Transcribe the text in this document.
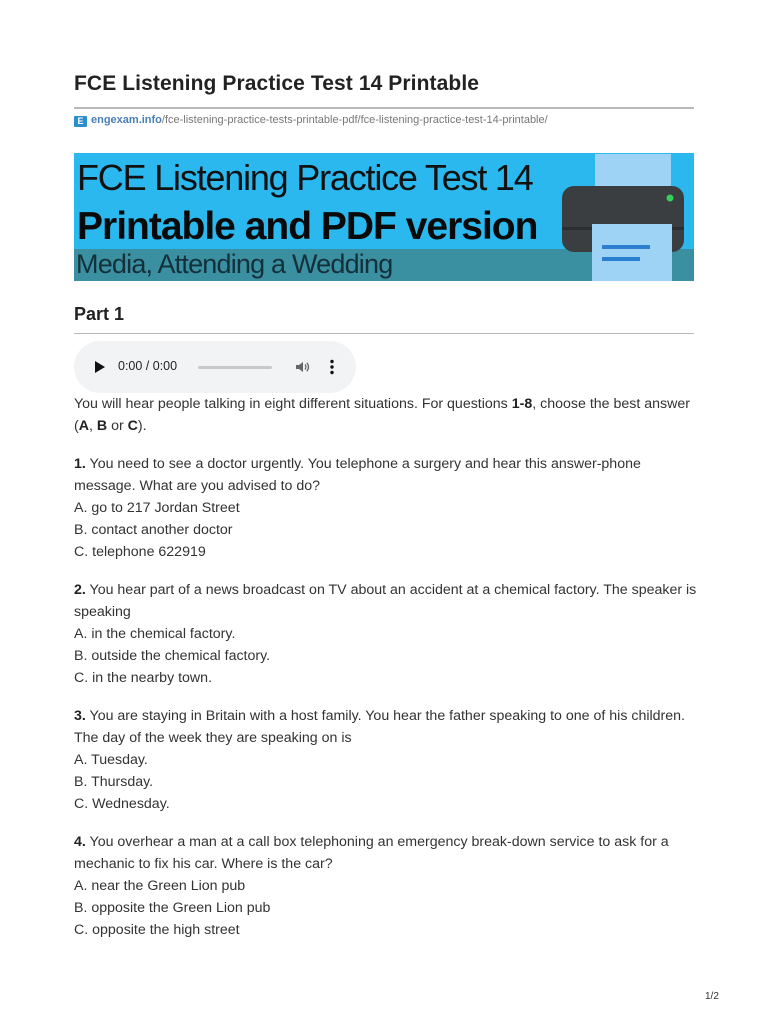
FCE Listening Practice Test 14 Printable
E engexam.info/fce-listening-practice-tests-printable-pdf/fce-listening-practice-test-14-printable/
FCE Listening Practice Test 14
Printable and PDF version
Media, Attending a Wedding
Part 1
0:00 / 0:00

You will hear people talking in eight different situations. For questions 1-8, choose the best answer (A, B or C).

1. You need to see a doctor urgently. You telephone a surgery and hear this answer-phone message. What are you advised to do?
A. go to 217 Jordan Street
B. contact another doctor
C. telephone 622919
2. You hear part of a news broadcast on TV about an accident at a chemical factory. The speaker is speaking
A. in the chemical factory.
B. outside the chemical factory.
C. in the nearby town.
3. You are staying in Britain with a host family. You hear the father speaking to one of his children. The day of the week they are speaking on is
A. Tuesday.
B. Thursday.
C. Wednesday.
4. You overhear a man at a call box telephoning an emergency break-down service to ask for a mechanic to fix his car. Where is the car?
A. near the Green Lion pub
B. opposite the Green Lion pub
C. opposite the high street
1/2
